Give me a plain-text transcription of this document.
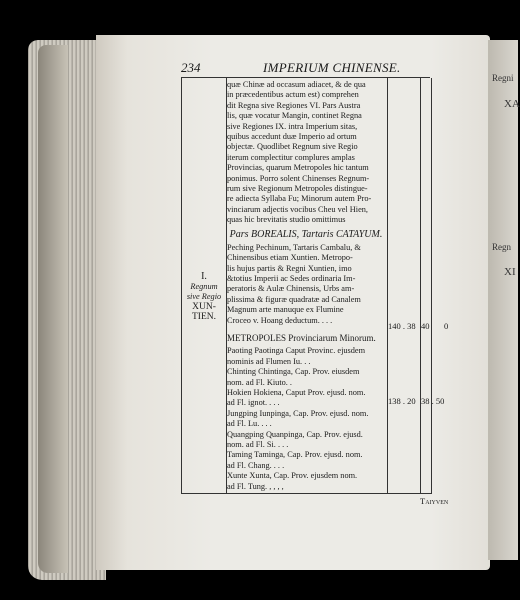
Regni
XA
Regn
XI
234	IMPERIUM CHINENSE.
I.
Regnum
sive Regio
XUN-
TIEN.

quæ Chinæ ad occasum adiacet, & de qua

in præcedentibus actum est) comprehen

dit Regna sive Regiones VI. Pars Austra

lis, quæ vocatur Mangin, continet Regna

sive Regiones IX. intra Imperium sitas,

quibus accedunt duæ Imperio ad ortum

objectæ. Quodlibet Regnum sive Regio

iterum complectitur complures amplas

Provincias, quarum Metropoles hic tantum

ponimus. Porro solent Chinenses Regnum-

rum sive Regionum Metropoles distingue-

re adiecta Syllaba Fu; Minorum autem Pro-

vinciarum adjectis vocibus Cheu vel Hien,

quas hic brevitatis studio omittimus

Pars BOREALIS, Tartaris CATAYUM.

Peching Pechinum, Tartaris Cambalu, &

Chinensibus etiam Xuntien. Metropo-

lis hujus partis & Regni Xuntien, imo

&totius Imperii ac Sedes ordinaria Im-

peratoris & Aulæ Chinensis, Urbs am-

plissima & figuræ quadratæ ad Canalem

Magnum arte manuque ex Flumine

Croceo v. Hoang deductum. . . .

METROPOLES Provinciarum Minorum.

Paoting Paotinga Caput Provinc. ejusdem

nominis ad Flumen Iu. . .

Chinting Chintinga, Cap. Prov. eiusdem

nom. ad Fl. Kiuto. .

Hokien Hokiena, Caput Prov. ejusd. nom.

ad Fl. ignot. . . .

Jungping Iunpinga, Cap. Prov. ejusd. nom.

ad Fl. Lu. . . .

Quangping Quanpinga, Cap. Prov. ejusd.

nom. ad Fl. Si. . . .

Taming Taminga, Cap. Prov. ejusd. nom.

ad Fl. Chang. . . .

Xunte Xunta, Cap. Prov. ejusdem nom.

ad Fl. Tung. , , , ,

140 . 38 40 0
138 . 20 38 . 50
Taiyven
